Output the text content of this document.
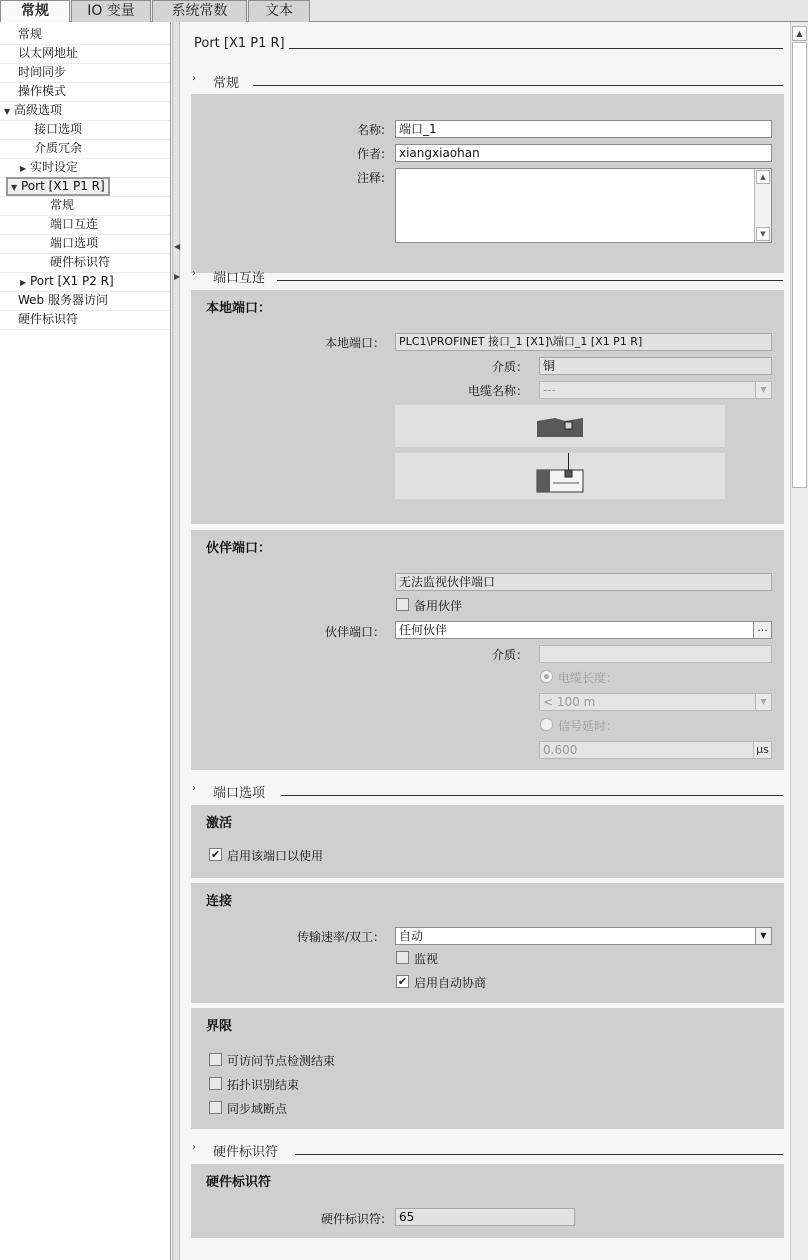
常规	IO 变量	系统常数	文本
常规
以太网地址
时间同步
操作模式
▼ 高级选项
接口选项
介质冗余
▶ 实时设定
▼ Port [X1 P1 R]
常规
端口互连
端口选项
硬件标识符
▶ Port [X1 P2 R]
Web 服务器访问
硬件标识符
◀
▶
Port [X1 P1 R]
› 常规
名称:	端口_1
作者:	xiangxiaohan
注释:	▲
▼
› 端口互连
本地端口：
本地端口：	PLC1\PROFINET 接口_1 [X1]\端口_1 [X1 P1 R]
介质：	铜
电缆名称：	---	▼
伙伴端口：
无法监视伙伴端口
备用伙伴
伙伴端口：	任何伙伴	...
介质：
电缆长度：
< 100 m	▼
信号延时：
0.600	µs
› 端口选项
激活
✔ 启用该端口以使用
连接
传输速率/双工：	自动	▼
监视
✔ 启用自动协商
界限
可访问节点检测结束
拓扑识别结束
同步域断点
› 硬件标识符
硬件标识符
硬件标识符:	65
▲
